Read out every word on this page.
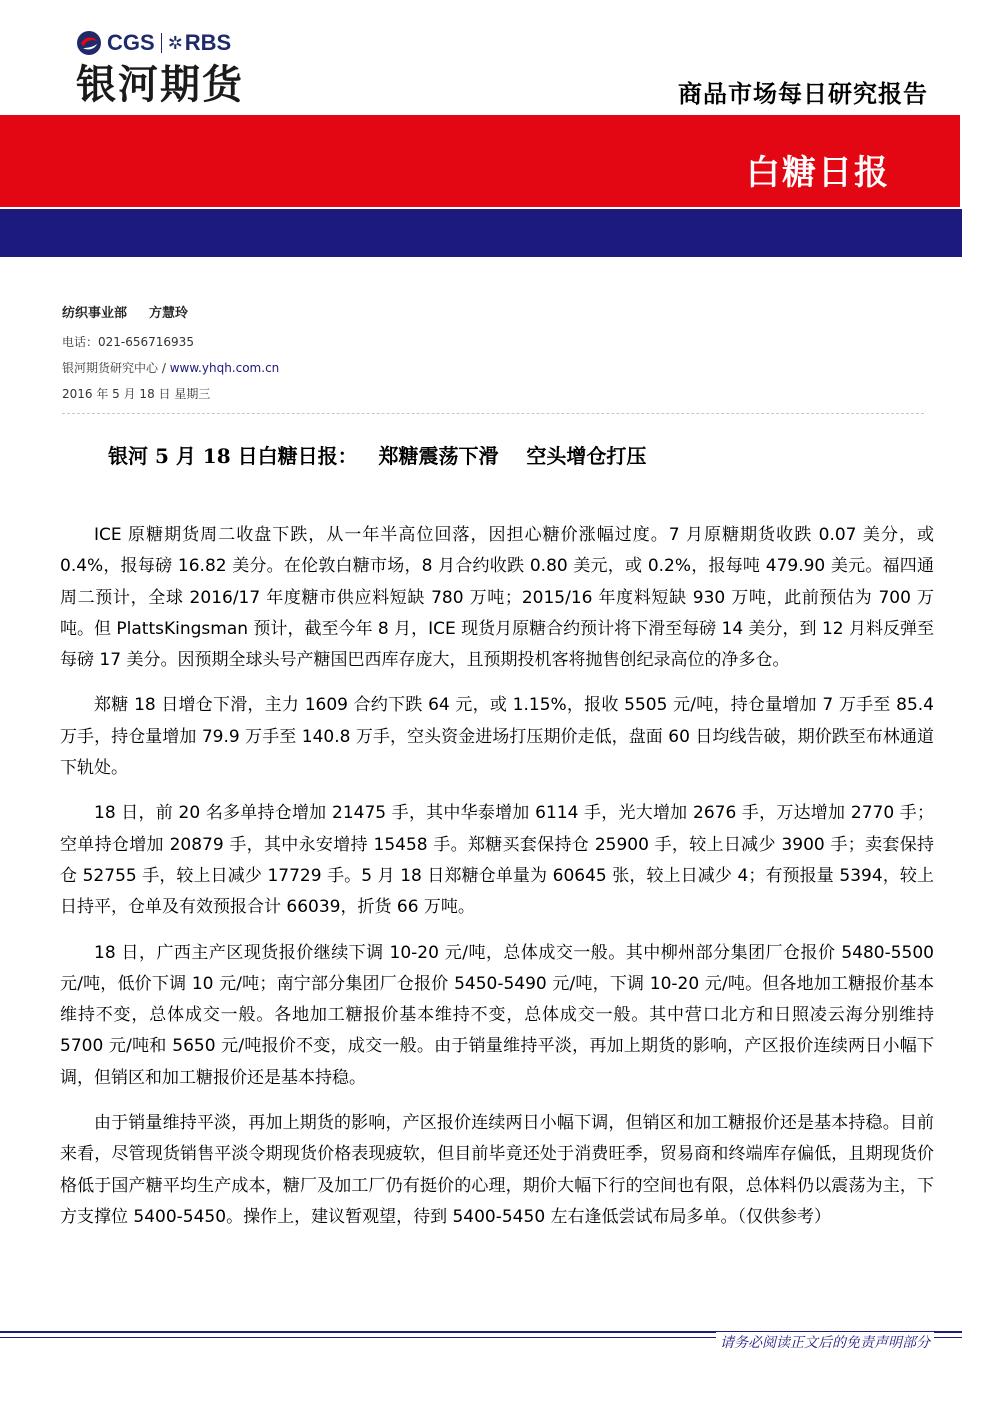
CGS ✲ RBS
银河期货	商品市场每日研究报告
白糖日报
纺织事业部 方慧玲
电话：021-656716935
银河期货研究中心 / www.yhqh.com.cn
2016 年 5 月 18 日 星期三
银河 5 月 18 日白糖日报：   郑糖震荡下滑    空头增仓打压

ICE 原糖期货周二收盘下跌，从一年半高位回落，因担心糖价涨幅过度。7 月原糖期货收跌 0.07 美分，或 0.4%，报每磅 16.82 美分。在伦敦白糖市场，8 月合约收跌 0.80 美元，或 0.2%，报每吨 479.90 美元。福四通周二预计，全球 2016/17 年度糖市供应料短缺 780 万吨；2015/16 年度料短缺 930 万吨，此前预估为 700 万吨。但 PlattsKingsman 预计，截至今年 8 月，ICE 现货月原糖合约预计将下滑至每磅 14 美分，到 12 月料反弹至每磅 17 美分。因预期全球头号产糖国巴西库存庞大，且预期投机客将抛售创纪录高位的净多仓。

郑糖 18 日增仓下滑，主力 1609 合约下跌 64 元，或 1.15%，报收 5505 元/吨，持仓量增加 7 万手至 85.4 万手，持仓量增加 79.9 万手至 140.8 万手，空头资金进场打压期价走低，盘面 60 日均线告破，期价跌至布林通道下轨处。

18 日，前 20 名多单持仓增加 21475 手，其中华泰增加 6114 手，光大增加 2676 手，万达增加 2770 手；空单持仓增加 20879 手，其中永安增持 15458 手。郑糖买套保持仓 25900 手，较上日减少 3900 手；卖套保持仓 52755 手，较上日减少 17729 手。5 月 18 日郑糖仓单量为 60645 张，较上日减少 4；有预报量 5394，较上日持平，仓单及有效预报合计 66039，折货 66 万吨。

18 日，广西主产区现货报价继续下调 10-20 元/吨，总体成交一般。其中柳州部分集团厂仓报价 5480-5500 元/吨，低价下调 10 元/吨；南宁部分集团厂仓报价 5450-5490 元/吨，下调 10-20 元/吨。但各地加工糖报价基本维持不变，总体成交一般。各地加工糖报价基本维持不变，总体成交一般。其中营口北方和日照凌云海分别维持 5700 元/吨和 5650 元/吨报价不变，成交一般。由于销量维持平淡，再加上期货的影响，产区报价连续两日小幅下调，但销区和加工糖报价还是基本持稳。

由于销量维持平淡，再加上期货的影响，产区报价连续两日小幅下调，但销区和加工糖报价还是基本持稳。目前来看，尽管现货销售平淡令期现货价格表现疲软，但目前毕竟还处于消费旺季，贸易商和终端库存偏低，且期现货价格低于国产糖平均生产成本，糖厂及加工厂仍有挺价的心理，期价大幅下行的空间也有限，总体料仍以震荡为主，下方支撑位 5400-5450。操作上，建议暂观望，待到 5400-5450 左右逢低尝试布局多单。（仅供参考）

请务必阅读正文后的免责声明部分
